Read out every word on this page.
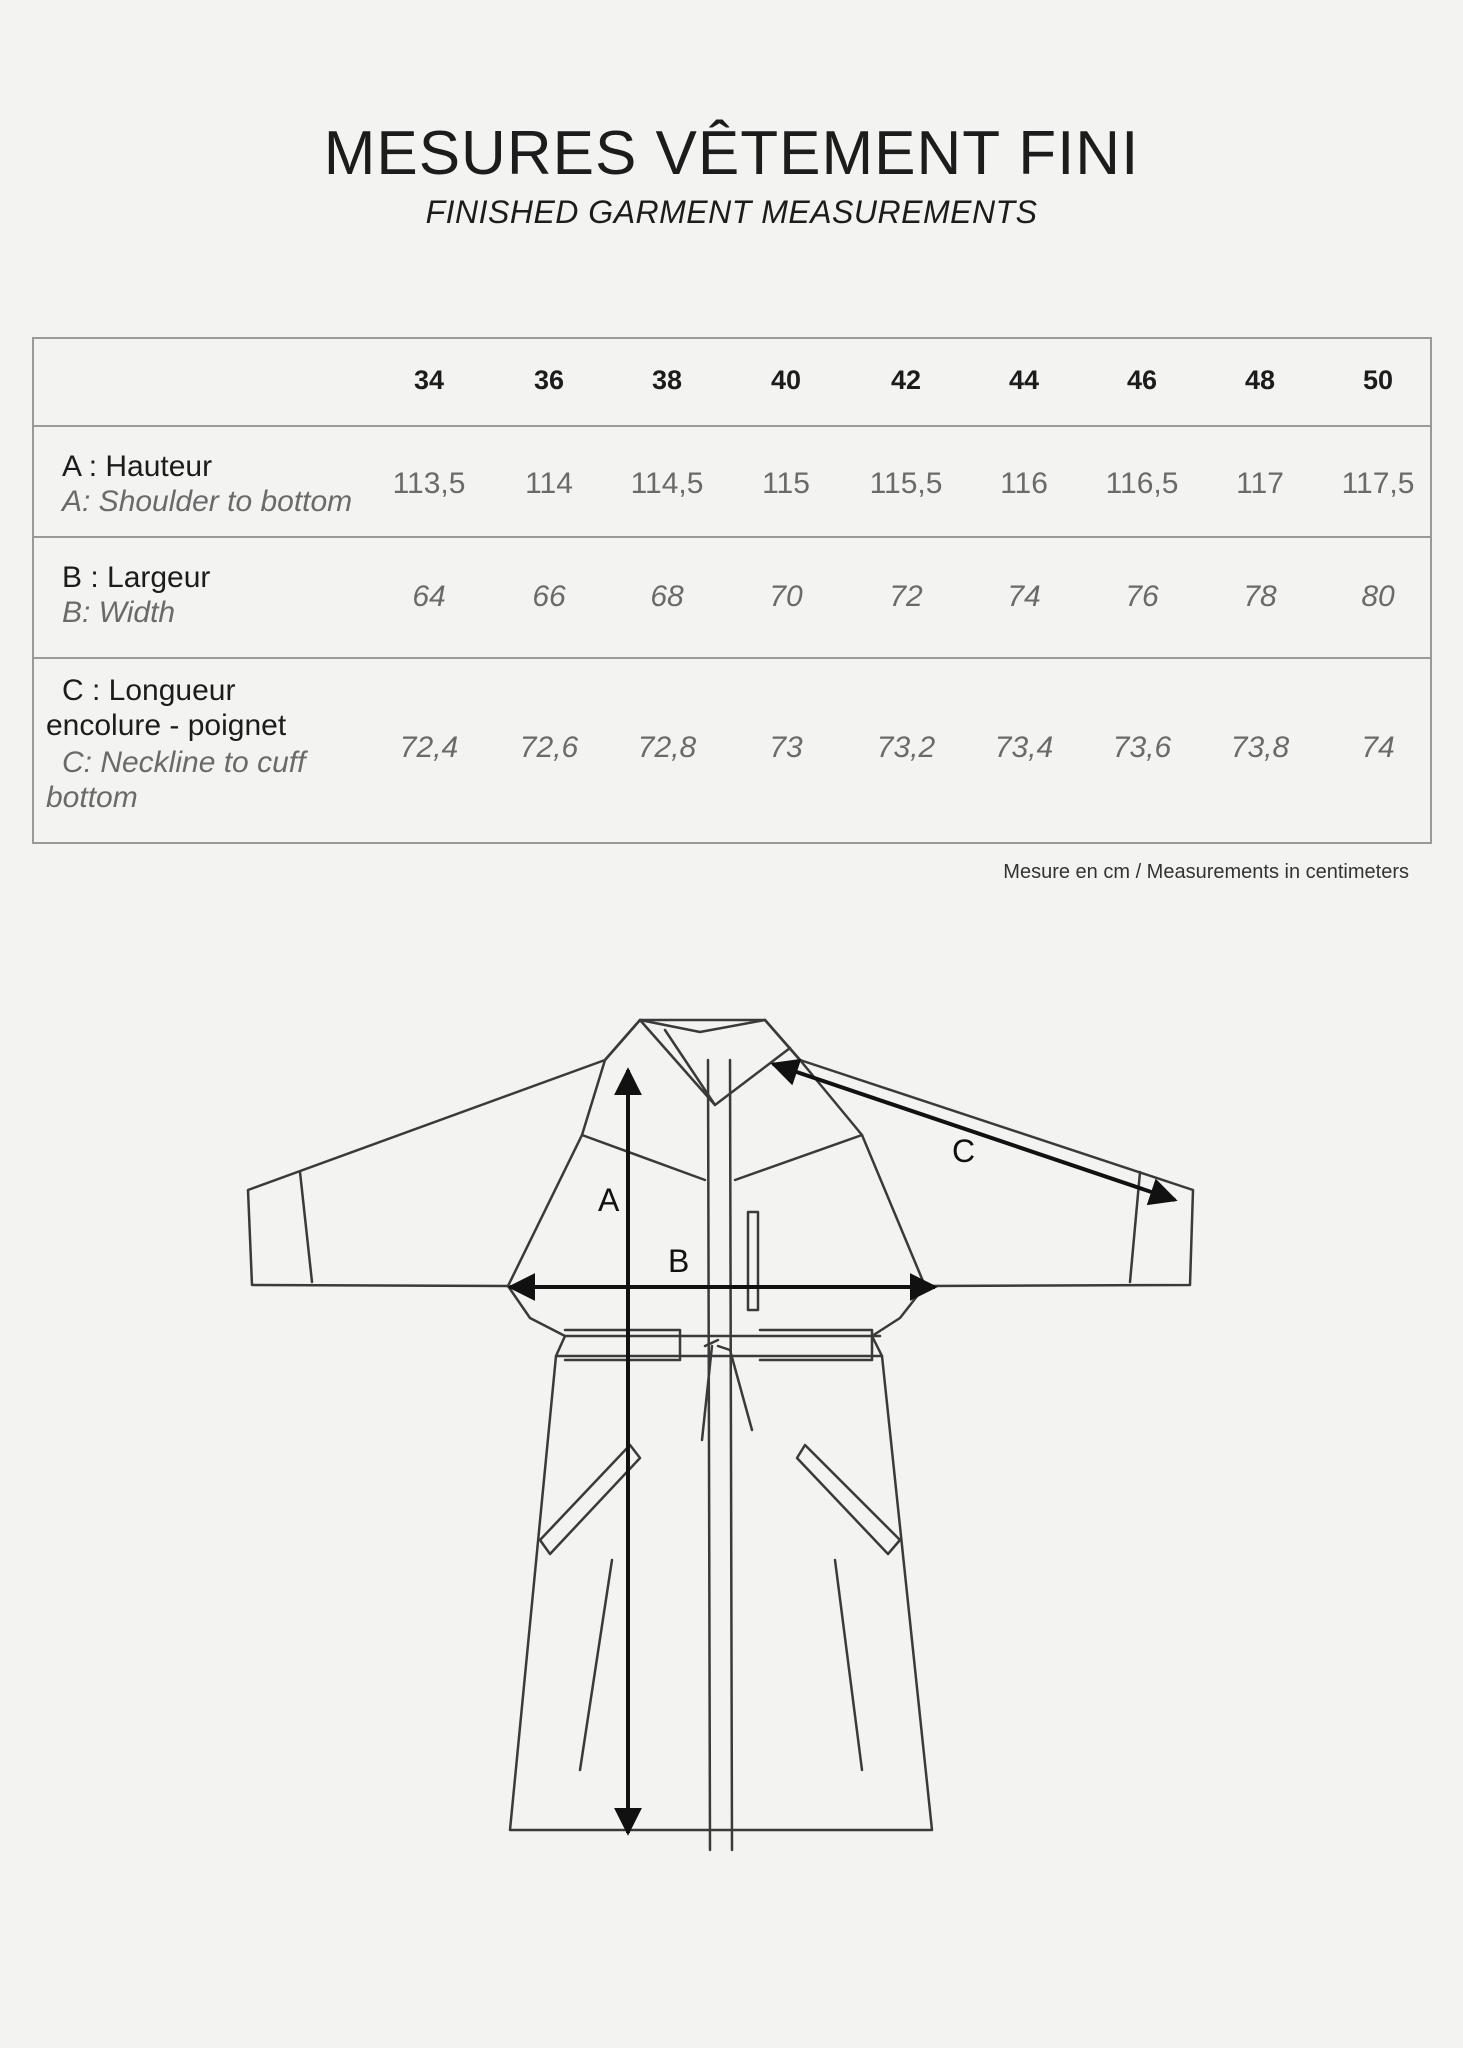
MESURES VÊTEMENT FINI
FINISHED GARMENT MEASUREMENTS
34	36	38	40	42	44	46	48	50
A : Hauteur
A: Shoulder to bottom
113,5	114	114,5	115	115,5	116	116,5	117	117,5
B : Largeur
B: Width	64	66	68	70	72	74	76	78	80
C : Longueur
encolure - poignet
C: Neckline to cuff
bottom
72,4	72,6	72,8	73	73,2	73,4	73,6	73,8	74
Mesure en cm / Measurements in centimeters
A
B
C
